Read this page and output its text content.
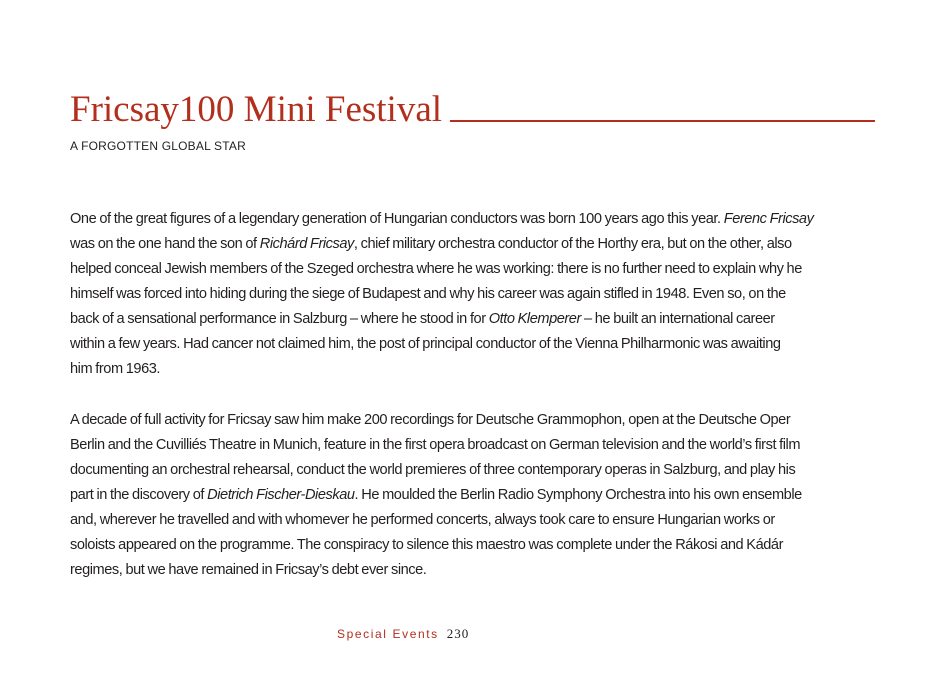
Fricsay100 Mini Festival
A FORGOTTEN GLOBAL STAR
One of the great figures of a legendary generation of Hungarian conductors was born 100 years ago this year. Ferenc Fricsay
was on the one hand the son of Richárd Fricsay, chief military orchestra conductor of the Horthy era, but on the other, also
helped conceal Jewish members of the Szeged orchestra where he was working: there is no further need to explain why he
himself was forced into hiding during the siege of Budapest and why his career was again stifled in 1948. Even so, on the
back of a sensational performance in Salzburg – where he stood in for Otto Klemperer – he built an international career
within a few years. Had cancer not claimed him, the post of principal conductor of the Vienna Philharmonic was awaiting
him from 1963.
A decade of full activity for Fricsay saw him make 200 recordings for Deutsche Grammophon, open at the Deutsche Oper
Berlin and the Cuvilliés Theatre in Munich, feature in the first opera broadcast on German television and the world’s first film
documenting an orchestral rehearsal, conduct the world premieres of three contemporary operas in Salzburg, and play his
part in the discovery of Dietrich Fischer-Dieskau. He moulded the Berlin Radio Symphony Orchestra into his own ensemble
and, wherever he travelled and with whomever he performed concerts, always took care to ensure Hungarian works or
soloists appeared on the programme. The conspiracy to silence this maestro was complete under the Rákosi and Kádár
regimes, but we have remained in Fricsay’s debt ever since.
Special Events 230
